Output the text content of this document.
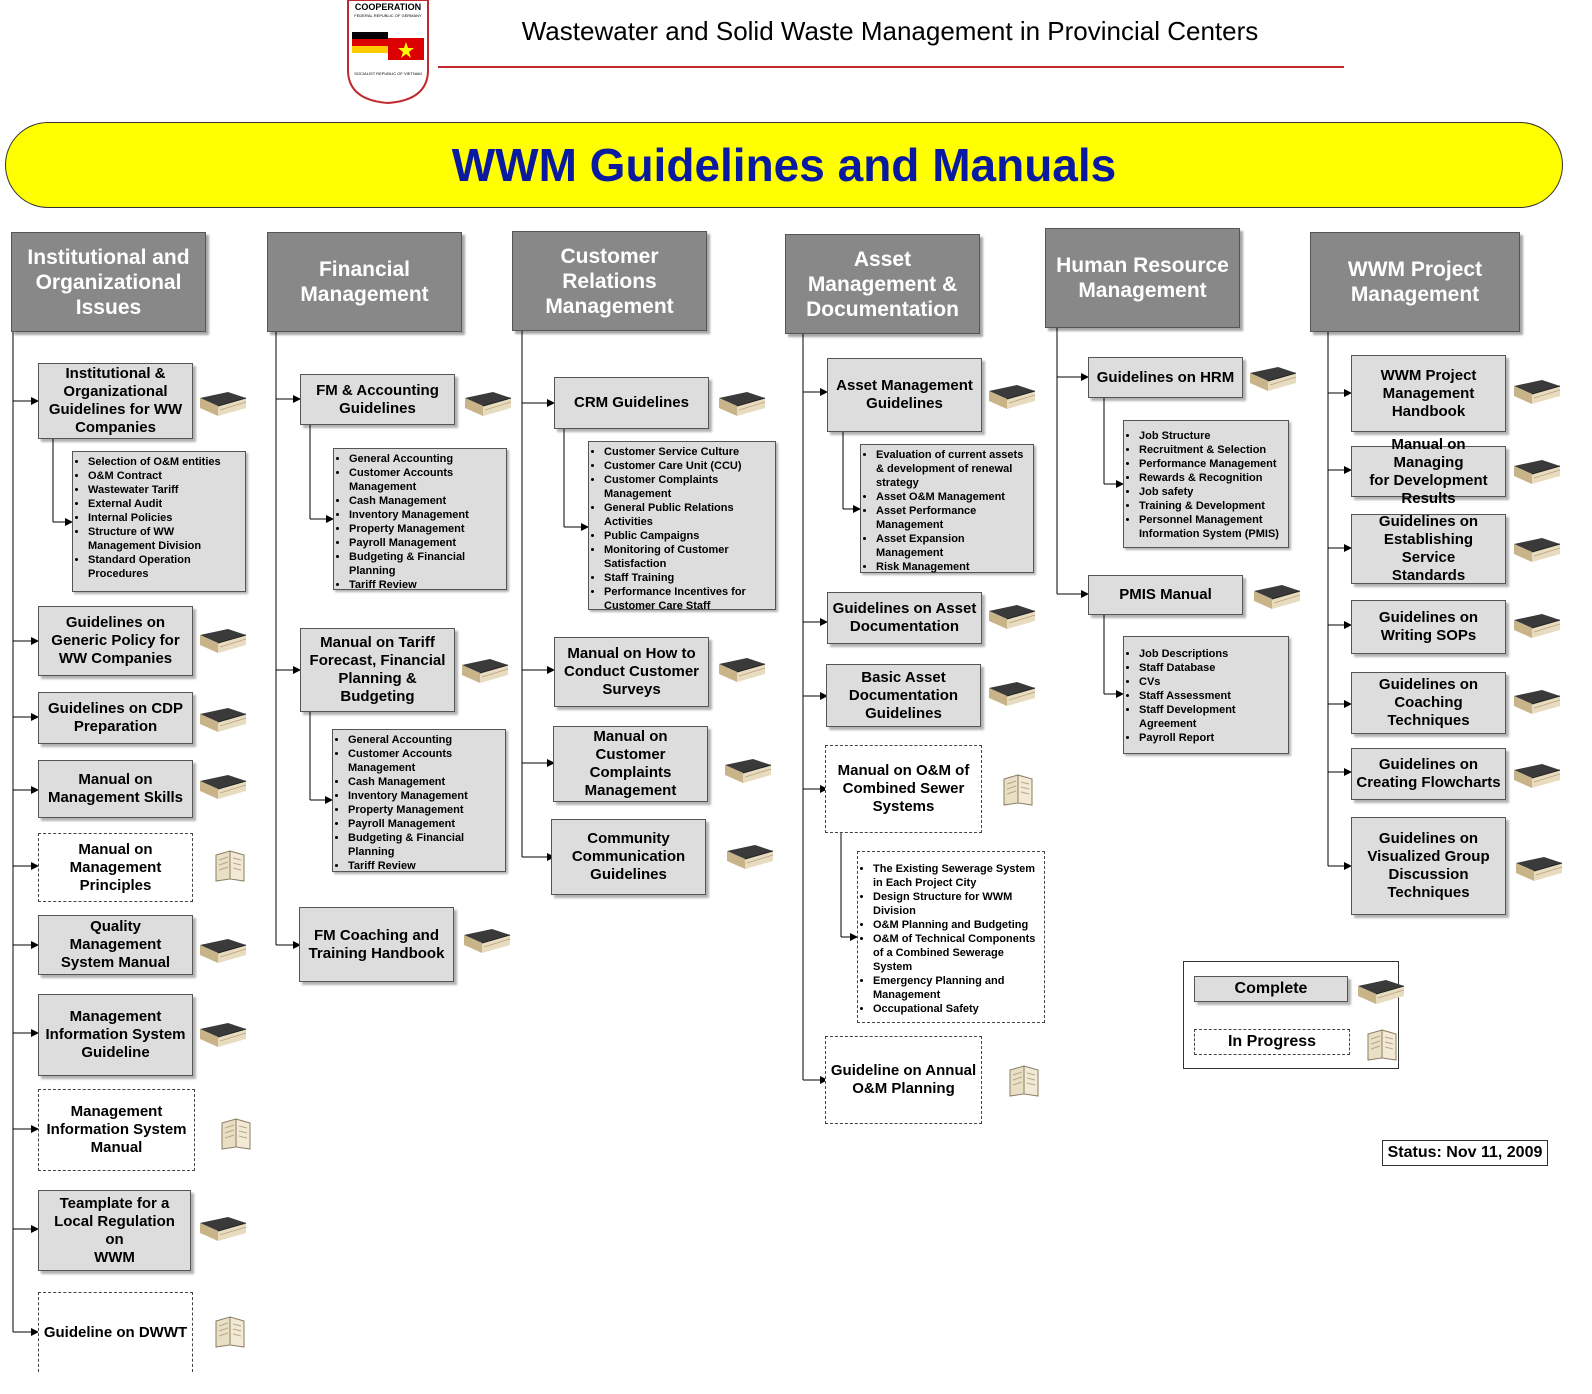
COOPERATION
FEDERAL REPUBLIC OF GERMANY
SOCIALIST REPUBLIC OF VIETNAM
Wastewater and Solid Waste Management in Provincial Centers
WWM Guidelines and Manuals
Institutional and Organizational Issues
Financial
Management
Customer
Relations
Management
Asset
Management &
Documentation
Human Resource
Management
WWM Project
Management
Institutional &
Organizational
Guidelines for WW
Companies
• Selection of O&M entities
• O&M Contract
• Wastewater Tariff
• External Audit
• Internal Policies
• Structure of WW Management Division
• Standard Operation Procedures
Guidelines on
Generic Policy for
WW Companies
Guidelines on CDP
Preparation
Manual on
Management Skills
Manual on
Management
Principles
Quality Management
System Manual
Management
Information System
Guideline
Management
Information System
Manual
Teamplate for a
Local Regulation on
WWM
Guideline on DWWT
FM & Accounting
Guidelines
• General Accounting
• Customer Accounts Management
• Cash Management
• Inventory Management
• Property Management
• Payroll Management
• Budgeting & Financial Planning
• Tariff Review
Manual on Tariff
Forecast, Financial
Planning &
Budgeting
• General Accounting
• Customer Accounts Management
• Cash Management
• Inventory Management
• Property Management
• Payroll Management
• Budgeting & Financial Planning
• Tariff Review
FM Coaching and
Training Handbook
CRM Guidelines
• Customer Service Culture
• Customer Care Unit (CCU)
• Customer Complaints Management
• General Public Relations Activities
• Public Campaigns
• Monitoring of Customer Satisfaction
• Staff Training
• Performance Incentives for Customer Care Staff
Manual on How to
Conduct Customer
Surveys
Manual on Customer
Complaints
Management
Community
Communication
Guidelines
Asset Management
Guidelines
• Evaluation of current assets & development of renewal strategy
• Asset O&M Management
• Asset Performance Management
• Asset Expansion Management
• Risk Management
Guidelines on Asset
Documentation
Basic Asset
Documentation
Guidelines
Manual on O&M of
Combined Sewer
Systems
• The Existing Sewerage System in Each Project City
• Design Structure for WWM Division
• O&M Planning and Budgeting
• O&M of Technical Components of a Combined Sewerage System
• Emergency Planning and Management
• Occupational Safety
Guideline on Annual
O&M Planning
Guidelines on HRM
• Job Structure
• Recruitment & Selection
• Performance Management
• Rewards & Recognition
• Job safety
• Training & Development
• Personnel Management Information System (PMIS)
PMIS Manual
• Job Descriptions
• Staff Database
• CVs
• Staff Assessment
• Staff Development Agreement
• Payroll Report
WWM Project
Management
Handbook
Manual on Managing
for Development
Results
Guidelines on
Establishing Service
Standards
Guidelines on
Writing SOPs
Guidelines on
Coaching
Techniques
Guidelines on
Creating Flowcharts
Guidelines on
Visualized Group
Discussion
Techniques
Complete
In Progress
Status: Nov 11, 2009
